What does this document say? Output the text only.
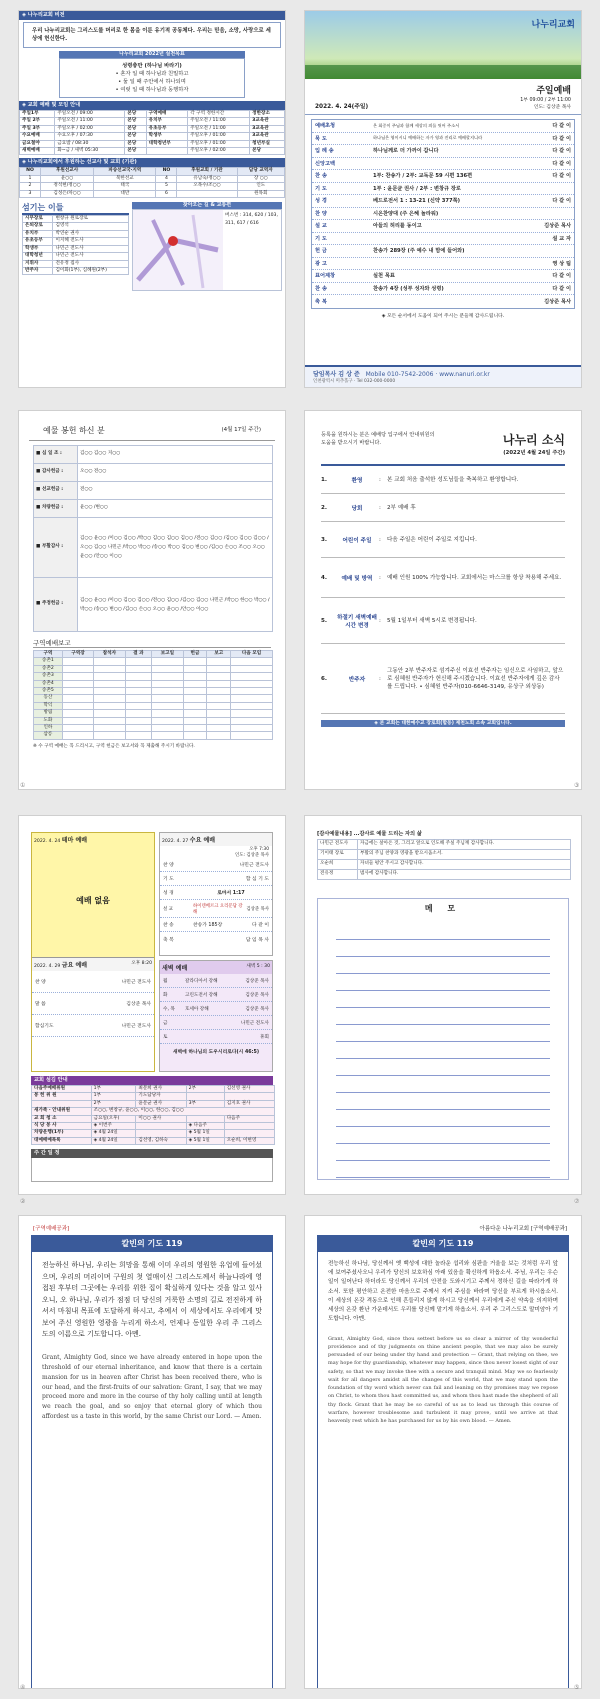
◈ 나누리교회 비전
우리 나누리교회는 그리스도를 머리로 한 몸을 이룬 유기적 공동체다. 우리는 믿음, 소망, 사랑으로 세상에 헌신한다.
나누리교회 2022년 실천목표
성령충만 (하나님 바라기)
• 혼자 일 때 하나님과 친밀하고
• 둘 일 때 주안에서 하나되며
• 여럿 일 때 하나님과 동행하자
◈ 교회 예배 및 모임 안내
주일1부	주일오전 / 09:00	본당	구역예배	각 구역 정한시간	정한장소
주일 2부	주일오전 / 11:00	본당	유치부	주일오전 / 11:00	3교육관
주일 3부	주일오후 / 02:00	본당	유초등부	주일오전 / 11:00	3교육관
수요예배	수요오후 / 07:30	본당	학생부	주일오후 / 01:00	3교육관
금요철야	금요밤 / 08:30	본당	대학청년부	주일오후 / 01:00	청년부실
새벽예배	화~금 / 새벽 05:30	본당		주일오후 / 02:00	본당
◈ 나누리교회에서 후원하는 선교사 및 교회 (기관)
NO	후원선교사	파송선교국·지역	NO	후원교회 / 기관	담당 교역자
1	윤○○	북한선교	4	유남숙/정○○	장 ○○
2	정석현/정○○	태국	5	오목수/조○○	인도
3	김성은/차○○	대만	6		원목회
섬기는 이들
시무장로	변창규 원로장로
은퇴장로	김영석
유치부	박연순 권사
유초등부	이지혜 전도사
학생부	나민근 전도사
대학청년	나민근 전도사
지휘자	전유정 집사
반주자	김이화(1부), 심혜원(2부)
찾아오는 길 & 교통편
버스번 : 314, 620 / 103, 311, 617 / 616
나누리교회
2022. 4. 24(주일)
주일예배
1부 09:00 / 2부 11:00
인도: 김상준 목사
예배초청	온 회중이 주님과 함께 세상의 죄를 씻어 주소서	다 같 이
묵 도	하나님은 영이시니 예배하는 자가 영과 진리로 예배할지니라	다 같 이
입 례 송	하나님께로 더 가까이 갑니다	다 같 이
신앙고백	다 같 이
찬 송	1부: 찬송가 / 2부: 교독문 59 시편 136편	다 같 이
기 도	1부 : 윤문균 권사 / 2부 : 변창규 장로
성 경	베드로전서 1 : 13-21 (신약 377쪽)	다 같 이
찬 양	시온찬양대 (주 은혜 놀라워)
설 교	아들의 허리를 동이고	김상준 목사
기 도	설 교 자
헌 금	찬송가 289장 (주 예수 내 맘에 들어와)
광 고	영 상 팀
표어제창	실천 목표	다 같 이
찬 송	찬송가 4장 (성부 성자와 성령)	다 같 이
축 복	김상준 목사
◈ 모든 순서에서 도움이 되어 주시는 분들께 감사드립니다.
담임목사 김 상 준 Mobile 010-7542-2006 · www.nanuri.or.kr
인천광역시 미추홀구 · Tel 032-000-0000
예물 봉헌 하신 분	(4월 17일 주간)
■ 십 일 조 :	김○○ 김○○ 지○○
■ 감사헌금 :	오○○ 전○○
■ 선교헌금 :	전○○
■ 차량헌금 :	윤○○ /변○○
■ 부활감사 :	김○○ 윤○○ /이○○ 김○○ /박○○ 김○○ 김○○ 김○○ /전○○ 김○○ /김○○ 김○○ 김○○ /오○○ 김○○ 나민근 /박○○ 박○○ /송○○ 박○○ 김○○ 변○○ /김○○ 손○○ 조○○ 오○○ 윤○○ /안○○ 이○○
■ 주정헌금 :	김○○ 윤○○ /이○○ 김○○ 김○○ /전○○ 김○○ /김○○ 김○○ 나민근 /박○○ 한○○ 박○○ /박○○ /송○○ 변○○ /김○○ 손○○ 오○○ 윤○○ /안○○ 이○○
구역예배보고
구역	구역장	참석자	결 과	보고일	헌금	보고	다음 모임
송촌1							
송촌2							
송촌3							
송촌4							
송촌5							
동산							
학익							
방림							
도화							
인하							
삼릉							
※ 수 구역 예배는 꼭 드리시고, 구역 헌금은 보고서와 꼭 제출해 주시기 바랍니다.
등록을 원하시는 분은 예배당 입구에서 안내위원의 도움을 받으시기 바랍니다.	나누리 소식
(2022년 4월 24일 주간)
1.	환영	:	본 교회 처음 출석한 성도님들을 축복하고 환영합니다.
2.	당회	:	2부 예배 후
3.	어린이 주일	:	다음 주일은 어린이 주일로 지킵니다.
4.	예배 및 방역	:	예배 인원 100% 가능합니다. 교회에서는 마스크를 항상 착용해 주세요.
5.	하절기 새벽예배 시간 변경
:	5월 1일부터 새벽 5시로 변경됩니다.
6.	반주자	:
그동안 2부 반주자로 섬겨주신 이효선 반주자는 임신으로 사임하고, 앞으로 심혜원 반주자가 헌신해 주시겠습니다. 이효선 반주자에게 깊은 감사를 드립니다. • 심혜원 반주자(010-6646-3149, 유상구 외상동)
◈ 본 교회는 대한예수교 장로회(합동) 제천노회 소속 교회입니다.
2022. 4. 24 테마 예배
예배 없음
2022. 4. 29 금요 예배	오후 8:20
찬 양	나민근 전도사
말 씀	김상준 목사
합심기도	나민근 전도사
2022. 4. 27 수요 예배
오후 7:30
인도: 김상준 목사
찬 양	나민근 전도사
기 도	합 심 기 도
성 경	로마서 1:17
설 교
하이덴베르크 요리문답 강해
김상준 목사
찬 송	찬송가 185장	다 같 이
축 복	담 임 목 사
새벽 예배	새벽 5 : 30
월	갈라디아서 강해	김상준 목사
화	고린도전서 강해	김상준 목사
수, 목	호세아 강해	김상준 목사
금	나민근 전도사
토	휴회
새벽에 하나님의 도우시리로다(시 46:5)
교회 섬김 안내
다음주예배위원	1부	최문희 권사	2부	김선영 권사
봉 헌 위 원	1부	기도담당자		
	2부	윤문균 권사	3부	김지호 권사
새가족 · 안내위원	조○○, 변창규, 윤○○, 이○○, 한○○, 김○○			
교 회 청 소	금요일(오후)	이○○ 권사		다음주
식 당 봉 사	◈ 이번주		◈ 다음주	
차량운행(1부)	◈ 4월 24일		◈ 5월 1일	
대예배예목록	◈ 4월 24일	김선영, 김하숙	◈ 5월 1일	오순희, 이현영
주 간 일 정
[감사예물내용] ...감사로 예물 드리는 자의 삶
나민근 전도사	자금에는 살아온 것, 그리고 앞으로 인도해 주실 주님께 감사합니다.
기이태 장로	부활의 주님 찬양과 영광을 받으시옵소서.
오순희	자녀들 평안 주시고 감사합니다.
전유정	범사에 감사합니다.
메 모
[구역예배공과]
칼빈의 기도 119
전능하신 하나님, 우리는 희망을 통해 이미 우리의 영원한 유업에 들어섰으며, 우리의 머리이며 구원의 첫 열매이신 그리스도께서 하늘나라에 영접된 후부터 그곳에는 우리를 위한 집이 확실하게 있다는 것을 알고 있사오니, 오 하나님, 우리가 점점 더 당신의 거룩한 소명의 길로 전진하게 하셔서 마침내 목표에 도달하게 하시고, 추예서 이 세상에서도 우리에게 맛보여 주신 영원한 영광을 누리게 하소서, 언제나 동일한 우리 주 그리스도의 이름으로 기도합니다. 아멘.
Grant, Almighty God, since we have already entered in hope upon the threshold of our eternal inheritance, and know that there is a certain mansion for us in heaven after Christ has been received there, who is our head, and the first-fruits of our salvation: Grant, I say, that we may proceed more and more in the course of thy holy calling until at length we reach the goal, and so enjoy that eternal glory of which thou affordest us a taste in this world, by the same Christ our Lord. — Amen.
아름다운 나누리교회 [구역예배공과]
칼빈의 기도 119
전능하신 하나님, 당신께서 옛 백성에 대한 놀라운 섭리와 심판을 거울을 보는 것처럼 우리 앞에 보여주셨사오니 우리가 당신의 보호하심 아래 있음을 확신하게 하옵소서. 주님, 우리는 우슨 일이 일어난다 하더라도 당신께서 우리의 안전을 도와시기고 주께서 정하신 길을 따라가게 하소서. 또한 평안하고 온전한 마음으로 주께서 지켜 주심을 바라며 당신을 부르게 하시옵소서. 이 세상의 온갖 격동으로 인해 흔들리지 않게 하시고 당신께서 우리에게 주신 약속을 의지하며 세상의 온갖 환난 가운데서도 우리를 당신께 맡기게 하옵소서. 우리 주 그리스도로 말미암아 기도합니다. 아멘.
Grant, Almighty God, since thou settest before us so clear a mirror of thy wonderful providence and of thy judgments on thine ancient people, that we may also be surely persuaded of our being under thy hand and protection — Grant, that relying on thee, we may hope for thy guardianship, whatever may happen, since thou never losest sight of our safety, so that we may invoke thee with a secure and tranquil mind. May we so fearlessly wait for all dangers amidst all the changes of this world, that we may stand upon the foundation of thy word which never can fail and leaning on thy promises may we repose on Christ, to whom thou hast committed us, and whom thou hast made the shepherd of all thy flock. Grant that he may be so careful of us as to lead us through this course of warfare, however troublesome and turbulent it may prove, until we arrive at that heavenly rest which he has purchased for us by his own blood. — Amen.
①	③
②	⑦
④	⑤
